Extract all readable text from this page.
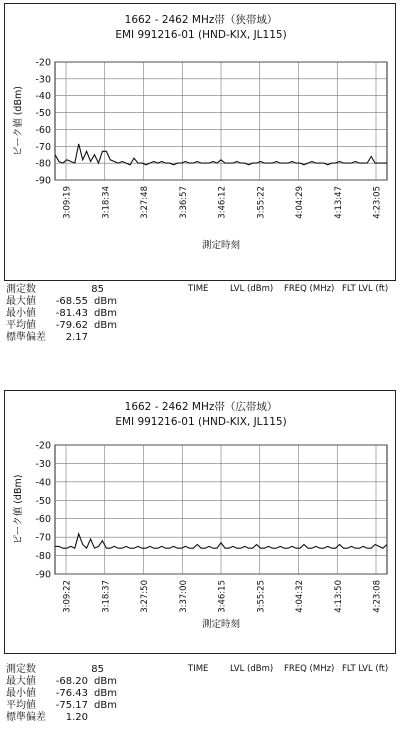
1662 - 2462 MHz帯（狭帯域）
EMI 991216-01 (HND-KIX, JL115)
-20
-30
-40
-50
-60
-70
-80
-90
3:09:19	3:18:34	3:27:48	3:36:57	3:46:12	3:55:22	4:04:29	4:13:47	4:23:05
ピーク値 (dBm)
測定時刻
測定数	85
最大値	-68.55 dBm
最小値	-81.43 dBm
平均値	-79.62 dBm
標準偏差	2.17
TIME	LVL (dBm) FREQ (MHz) FLT LVL (ft)
1662 - 2462 MHz帯（広帯域）
EMI 991216-01 (HND-KIX, JL115)
-20
-30
-40
-50
-60
-70
-80
-90
3:09:22	3:18:37	3:27:50	3:37:00	3:46:15	3:55:25	4:04:32	4:13:50	4:23:08
ピーク値 (dBm)
測定時刻
測定数	85
最大値	-68.20 dBm
最小値	-76.43 dBm
平均値	-75.17 dBm
標準偏差	1.20
TIME	LVL (dBm) FREQ (MHz) FLT LVL (ft)
